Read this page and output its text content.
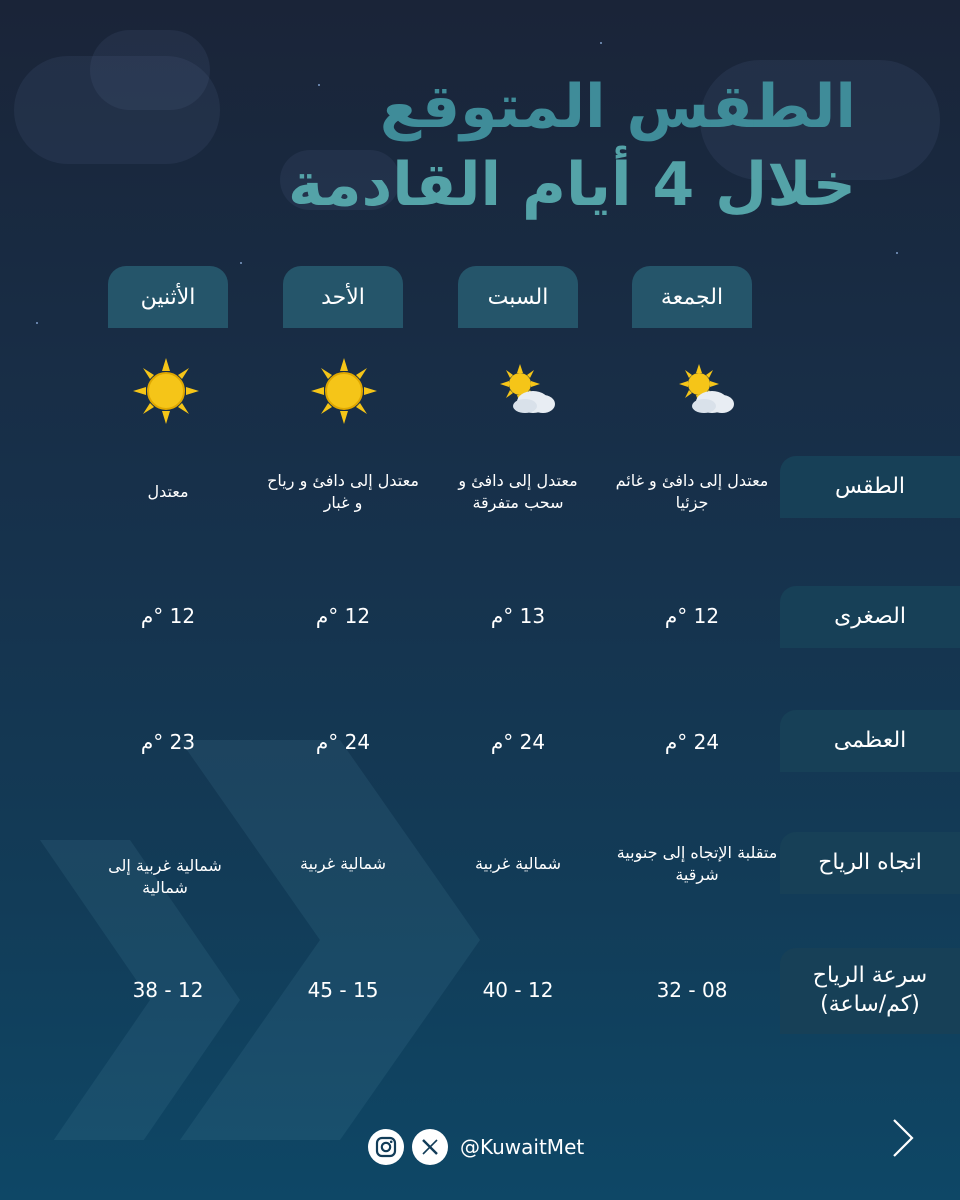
الطقس المتوقع
خلال 4 أيام القادمة
الجمعة
السبت
الأحد
الأثنين
الطقس
الصغرى
العظمى
اتجاه الرياح
سرعة الرياح
(كم/ساعة)
معتدل إلى دافئ و غائم جزئيا
معتدل إلى دافئ و سحب متفرقة
معتدل إلى دافئ و رياح و غبار
معتدل
12 °م
13 °م
12 °م
12 °م
24 °م
24 °م
24 °م
23 °م
متقلبة الإتجاه إلى جنوبية شرقية
شمالية غربية
شمالية غربية
شمالية غربية إلى شمالية
08 - 32
12 - 40
15 - 45
12 - 38
@KuwaitMet
